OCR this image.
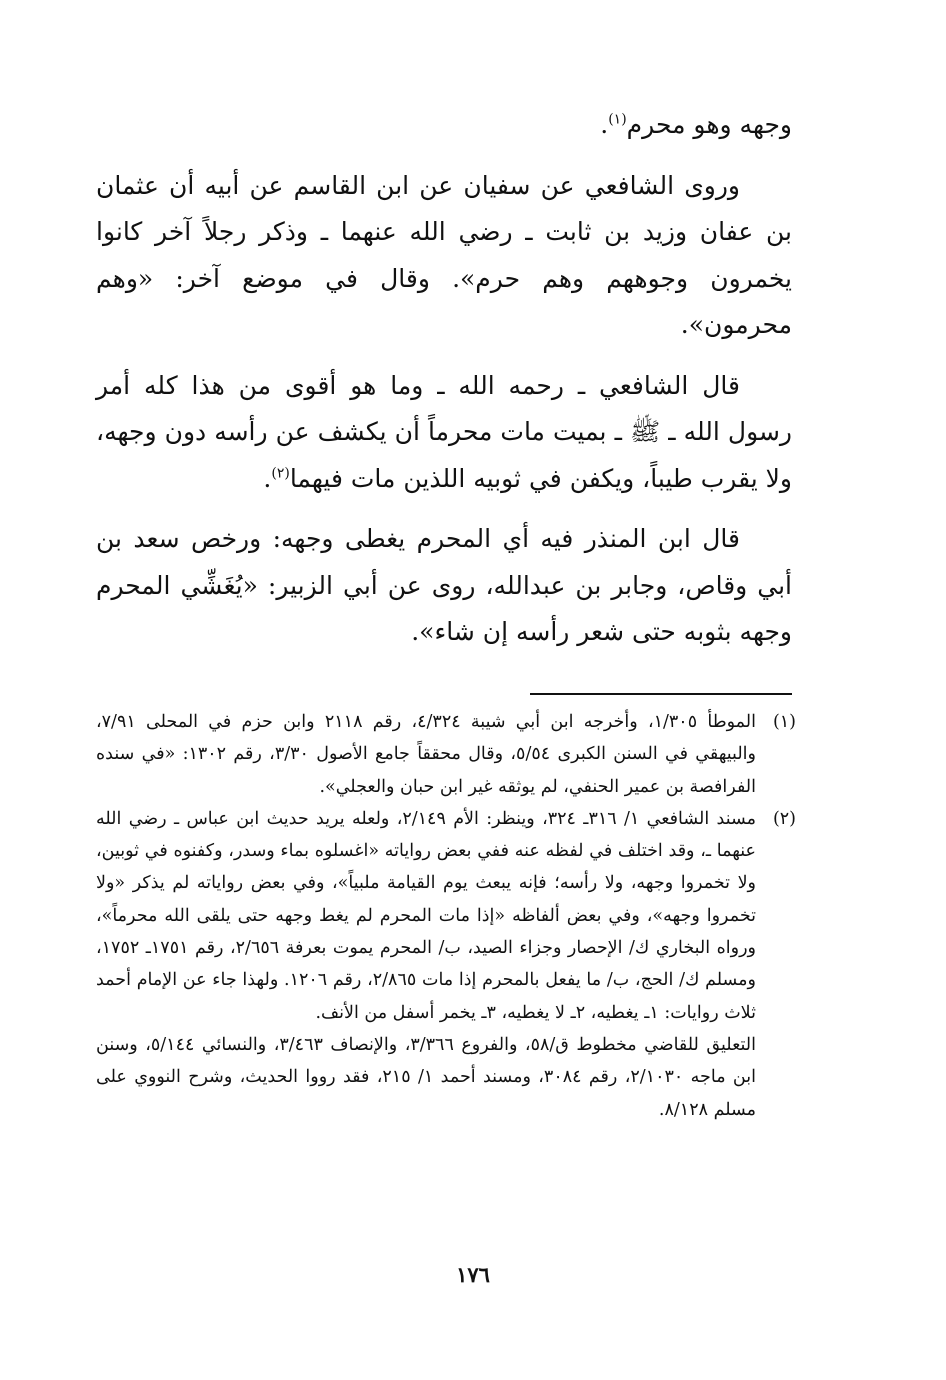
وجهه وهو محرم$^{(١)}$.

وروى الشافعي عن سفيان عن ابن القاسم عن أبيه أن عثمان بن عفان وزيد بن ثابت ـ رضي الله عنهما ـ وذكر رجلاً آخر كانوا يخمرون وجوههم وهم حرم». وقال في موضع آخر: «وهم محرمون».

قال الشافعي ـ رحمه الله ـ وما هو أقوى من هذا كله أمر رسول الله ـ ﷺ ـ بميت مات محرماً أن يكشف عن رأسه دون وجهه، ولا يقرب طيباً، ويكفن في ثوبيه اللذين مات فيهما$^{(٢)}$.

قال ابن المنذر فيه أي المحرم يغطى وجهه: ورخص سعد بن أبي وقاص، وجابر بن عبدالله، روى عن أبي الزبير: «يُغَشِّي المحرم وجهه بثوبه حتى شعر رأسه إن شاء».

(١)
الموطأ ١/٣٠٥، وأخرجه ابن أبي شيبة ٤/٣٢٤، رقم ٢١١٨ وابن حزم في المحلى ٧/٩١، والبيهقي في السنن الكبرى ٥/٥٤، وقال محققاً جامع الأصول ٣/٣٠، رقم ١٣٠٢: «في سنده الفرافصة بن عمير الحنفي، لم يوثقه غير ابن حبان والعجلي».
(٢)
مسند الشافعي ١/ ٣١٦ـ ٣٢٤، وينظر: الأم ٢/١٤٩، ولعله يريد حديث ابن عباس ـ رضي الله عنهما ـ، وقد اختلف في لفظه عنه ففي بعض رواياته «اغسلوه بماء وسدر، وكفنوه في ثوبين، ولا تخمروا وجهه، ولا رأسه؛ فإنه يبعث يوم القيامة ملبياً»، وفي بعض رواياته لم يذكر «ولا تخمروا وجهه»، وفي بعض ألفاظه «إذا مات المحرم لم يغط وجهه حتى يلقى الله محرماً»، ورواه البخاري ك/ الإحصار وجزاء الصيد، ب/ المحرم يموت بعرفة ٢/٦٥٦، رقم ١٧٥١ـ ١٧٥٢، ومسلم ك/ الحج، ب/ ما يفعل بالمحرم إذا مات ٢/٨٦٥، رقم ١٢٠٦. ولهذا جاء عن الإمام أحمد ثلاث روايات: ١ـ يغطيه، ٢ـ لا يغطيه، ٣ـ يخمر أسفل من الأنف.
التعليق للقاضي مخطوط ق/٥٨، والفروع ٣/٣٦٦، والإنصاف ٣/٤٦٣، والنسائي ٥/١٤٤، وسنن ابن ماجه ٢/١٠٣٠، رقم ٣٠٨٤، ومسند أحمد ١/ ٢١٥، فقد رووا الحديث، وشرح النووي على مسلم ٨/١٢٨.
١٧٦
